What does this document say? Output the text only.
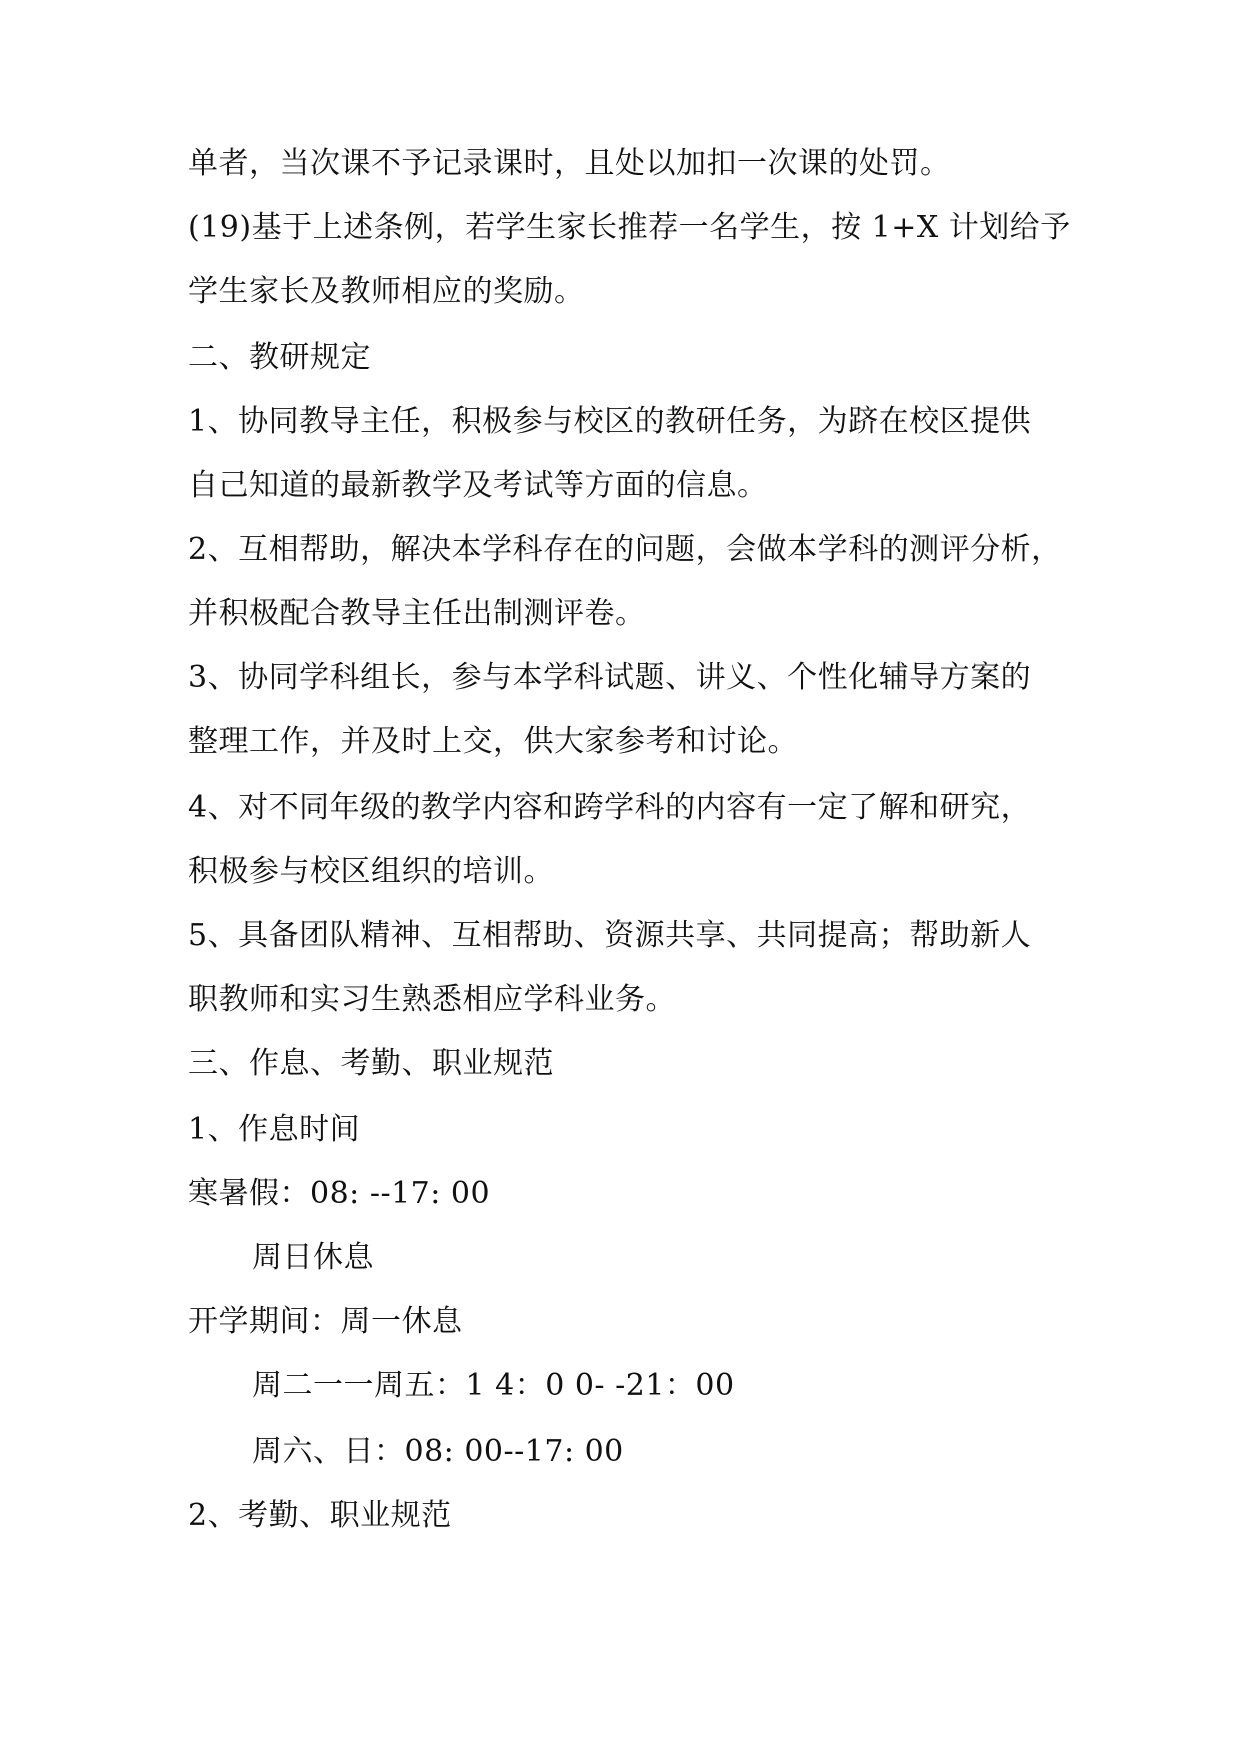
单者，当次课不予记录课时，且处以加扣一次课的处罚。
(19)基于上述条例，若学生家长推荐一名学生，按 1+X 计划给予
学生家长及教师相应的奖励。
二、教研规定
1、协同教导主任，积极参与校区的教研任务，为跻在校区提供
自己知道的最新教学及考试等方面的信息。
2、互相帮助，解决本学科存在的问题，会做本学科的测评分析，
并积极配合教导主任出制测评卷。
3、协同学科组长，参与本学科试题、讲义、个性化辅导方案的
整理工作，并及时上交，供大家参考和讨论。
4、对不同年级的教学内容和跨学科的内容有一定了解和研究，
积极参与校区组织的培训。
5、具备团队精神、互相帮助、资源共享、共同提高；帮助新人
职教师和实习生熟悉相应学科业务。
三、作息、考勤、职业规范
1、作息时间
寒暑假：08: --17: 00
周日休息
开学期间：周一休息
周二一一周五：1 4：0 0- -21：00
周六、日：08: 00--17: 00
2、考勤、职业规范
